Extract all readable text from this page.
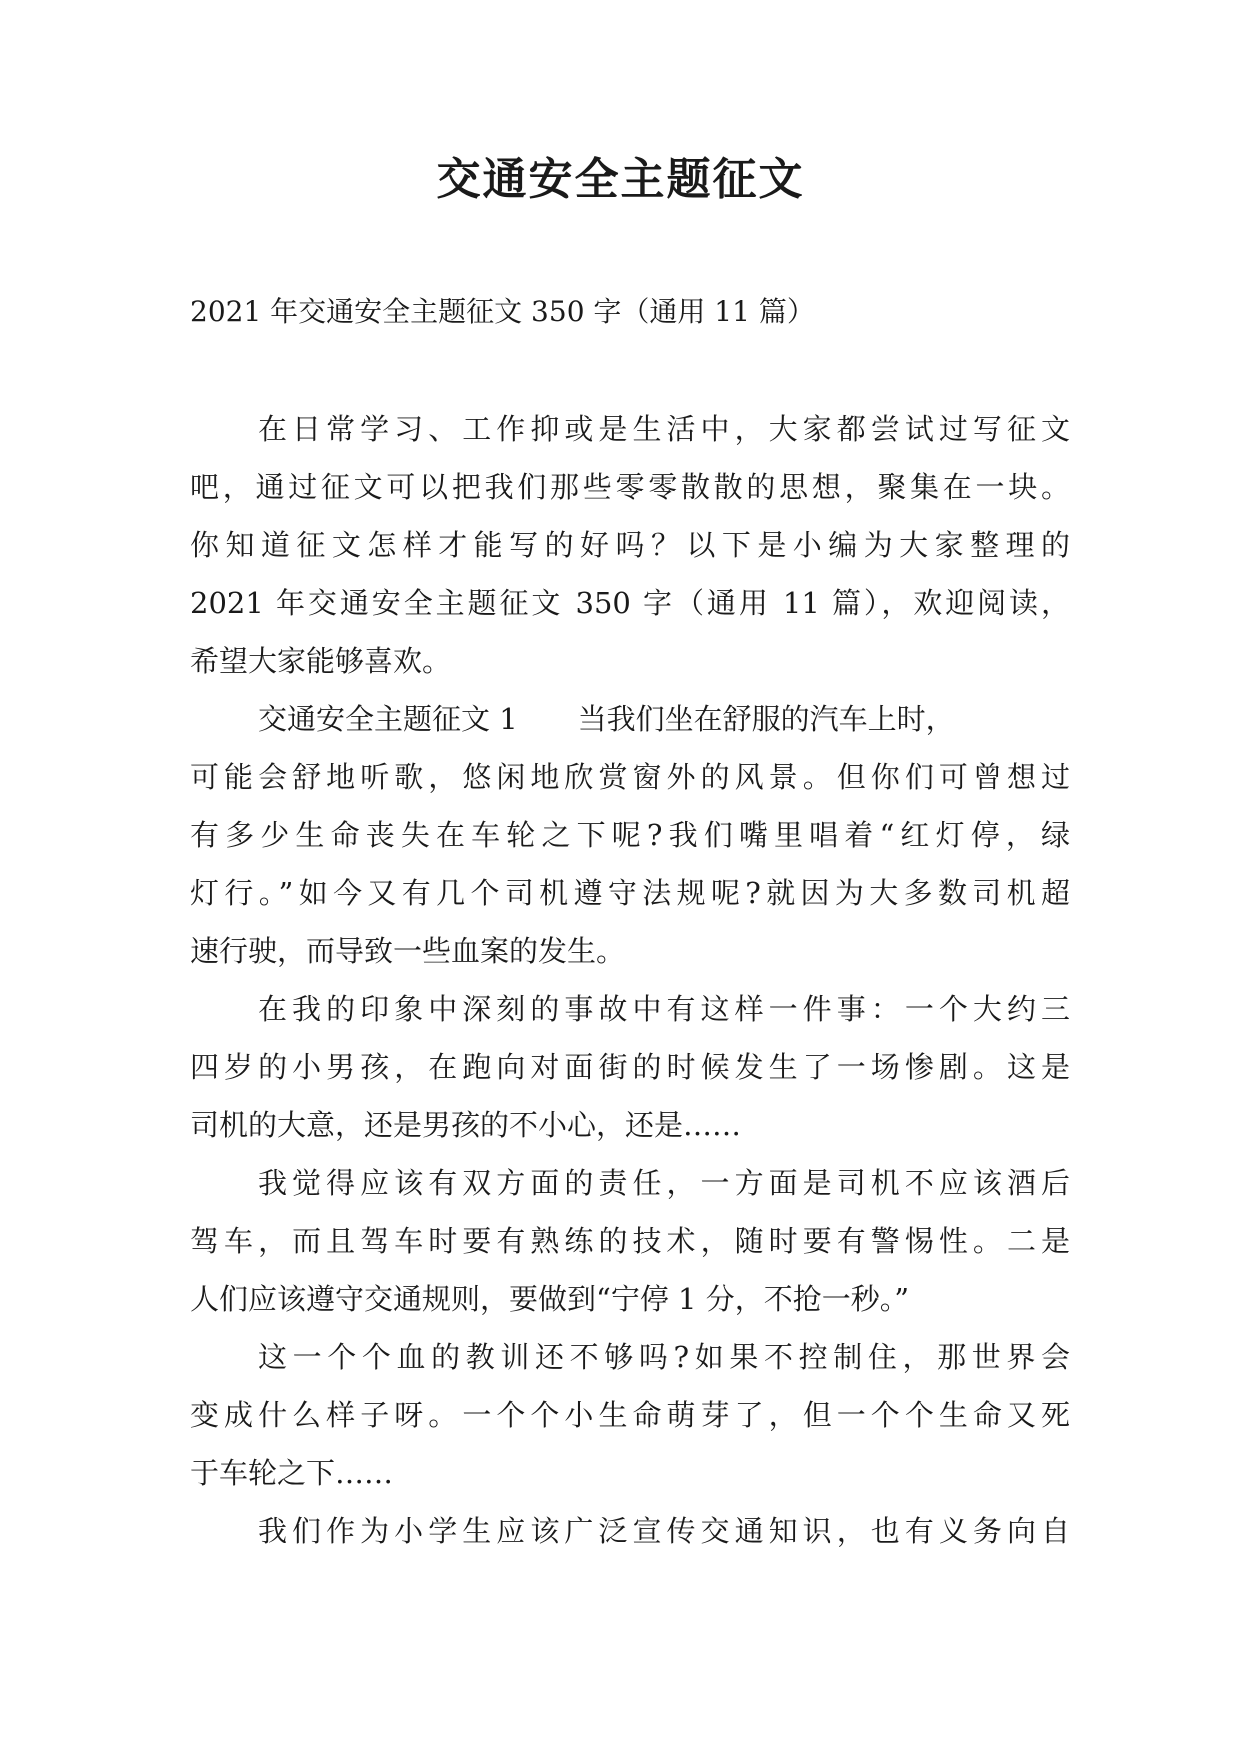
交通安全主题征文
2021 年交通安全主题征文 350 字（通用 11 篇）
在日常学习、工作抑或是生活中，大家都尝试过写征文
吧，通过征文可以把我们那些零零散散的思想，聚集在一块。
你知道征文怎样才能写的好吗？以下是小编为大家整理的
2021 年交通安全主题征文 350 字（通用 11 篇），欢迎阅读，
希望大家能够喜欢。
交通安全主题征文 1 当我们坐在舒服的汽车上时，
可能会舒地听歌，悠闲地欣赏窗外的风景。但你们可曾想过
有多少生命丧失在车轮之下呢?我们嘴里唱着“红灯停，绿
灯行。”如今又有几个司机遵守法规呢?就因为大多数司机超
速行驶，而导致一些血案的发生。
在我的印象中深刻的事故中有这样一件事：一个大约三
四岁的小男孩，在跑向对面街的时候发生了一场惨剧。这是
司机的大意，还是男孩的不小心，还是……
我觉得应该有双方面的责任，一方面是司机不应该酒后
驾车，而且驾车时要有熟练的技术，随时要有警惕性。二是
人们应该遵守交通规则，要做到“宁停 1 分，不抢一秒。”
这一个个血的教训还不够吗?如果不控制住，那世界会
变成什么样子呀。一个个小生命萌芽了，但一个个生命又死
于车轮之下……
我们作为小学生应该广泛宣传交通知识，也有义务向自
